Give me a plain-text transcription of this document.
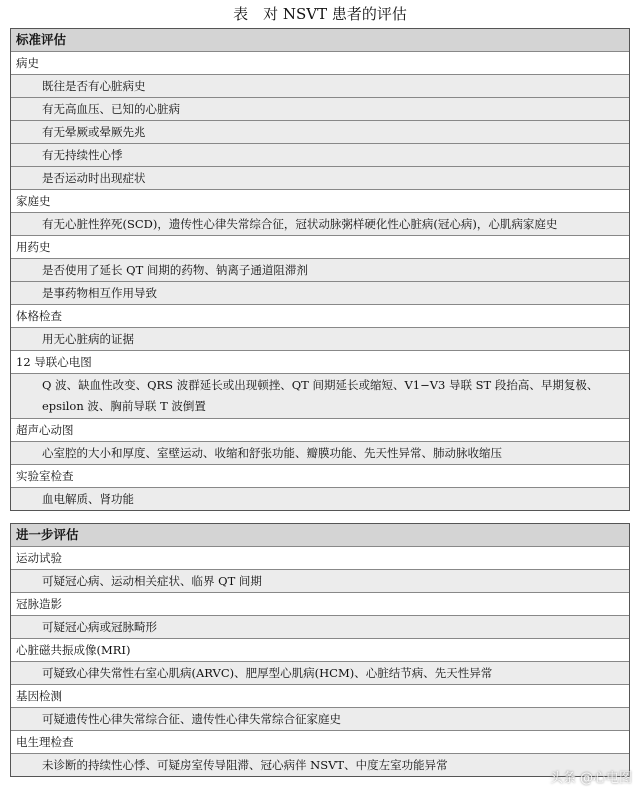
表　对 NSVT 患者的评估
标准评估
病史
既往是否有心脏病史
有无高血压、已知的心脏病
有无晕厥或晕厥先兆
有无持续性心悸
是否运动时出现症状
家庭史
有无心脏性猝死(SCD)，遗传性心律失常综合征，冠状动脉粥样硬化性心脏病(冠心病)，心肌病家庭史
用药史
是否使用了延长 QT 间期的药物、钠离子通道阻滞剂
是事药物相互作用导致
体格检查
用无心脏病的证据
12 导联心电图
Q 波、缺血性改变、QRS 波群延长或出现顿挫、QT 间期延长或缩短、V1−V3 导联 ST 段抬高、早期复极、epsilon 波、胸前导联 T 波倒置
超声心动图
心室腔的大小和厚度、室壁运动、收缩和舒张功能、瓣膜功能、先天性异常、肺动脉收缩压
实验室检查
血电解质、肾功能
进一步评估
运动试验
可疑冠心病、运动相关症状、临界 QT 间期
冠脉造影
可疑冠心病或冠脉畸形
心脏磁共振成像(MRI)
可疑致心律失常性右室心肌病(ARVC)、肥厚型心肌病(HCM)、心脏结节病、先天性异常
基因检测
可疑遗传性心律失常综合征、遗传性心律失常综合征家庭史
电生理检查
未诊断的持续性心悸、可疑房室传导阻滞、冠心病伴 NSVT、中度左室功能异常
头条 @心电图
